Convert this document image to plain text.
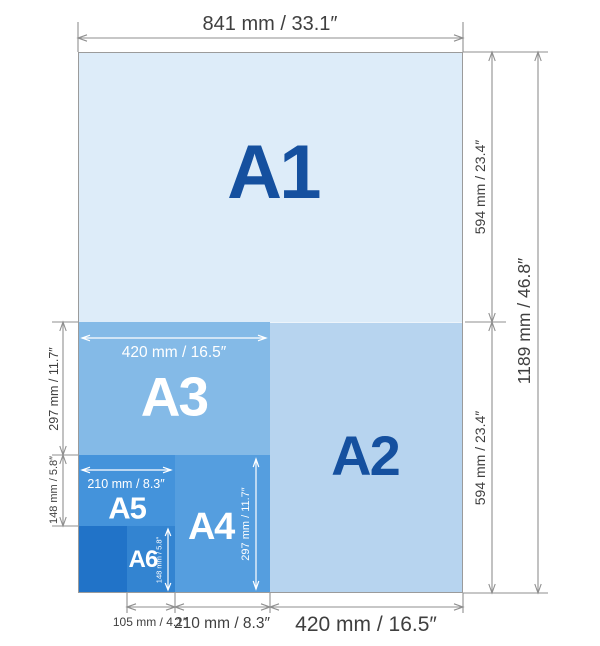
A1
A2
A3
A4
A5
A6
841 mm / 33.1″
594 mm / 23.4″
594 mm / 23.4″
1189 mm / 46.8″
297 mm / 11.7″
148 mm / 5.8″
105 mm / 4.1″
210 mm / 8.3″ 420 mm / 16.5″
420 mm / 16.5″
210 mm / 8.3″
297 mm / 11.7″
148 mm / 5.8″
